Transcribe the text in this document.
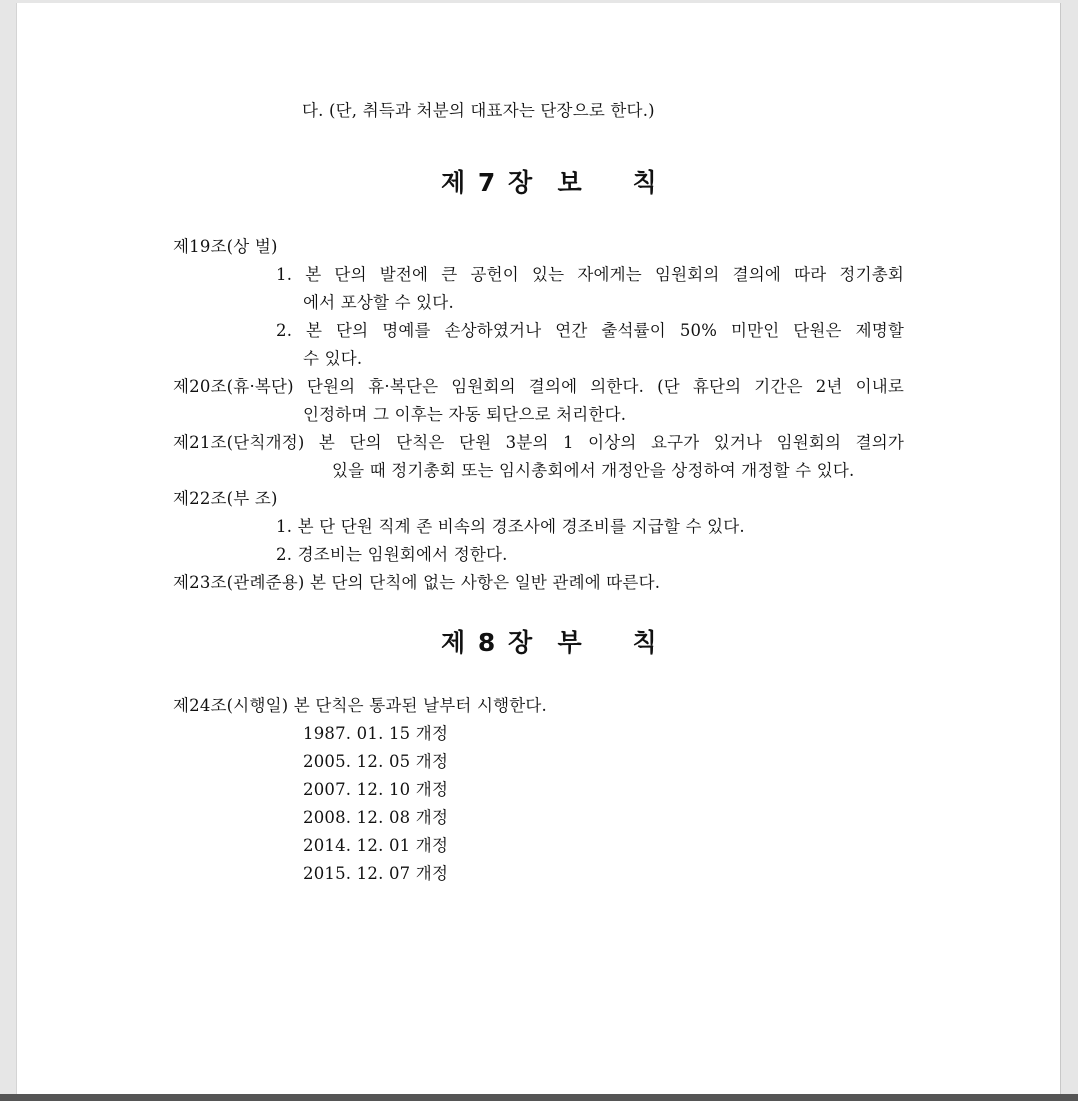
다. (단, 취득과 처분의 대표자는 단장으로 한다.)
제 7 장  보    칙
제19조(상 벌)
1. 본 단의 발전에 큰 공헌이 있는 자에게는 임원회의 결의에 따라 정기총회
에서 포상할 수 있다.
2. 본 단의 명예를 손상하였거나 연간 출석률이 50% 미만인 단원은 제명할
수 있다.
제20조(휴·복단) 단원의 휴·복단은 임원회의 결의에 의한다. (단 휴단의 기간은 2년 이내로
인정하며 그 이후는 자동 퇴단으로 처리한다.
제21조(단칙개정) 본 단의 단칙은 단원 3분의 1 이상의 요구가 있거나 임원회의 결의가
있을 때 정기총회 또는 임시총회에서 개정안을 상정하여 개정할 수 있다.
제22조(부 조)
1. 본 단 단원 직계 존 비속의 경조사에 경조비를 지급할 수 있다.
2. 경조비는 임원회에서 정한다.
제23조(관례준용) 본 단의 단칙에 없는 사항은 일반 관례에 따른다.
제 8 장  부    칙
제24조(시행일) 본 단칙은 통과된 날부터 시행한다.
1987. 01. 15 개정
2005. 12. 05 개정
2007. 12. 10 개정
2008. 12. 08 개정
2014. 12. 01 개정
2015. 12. 07 개정
